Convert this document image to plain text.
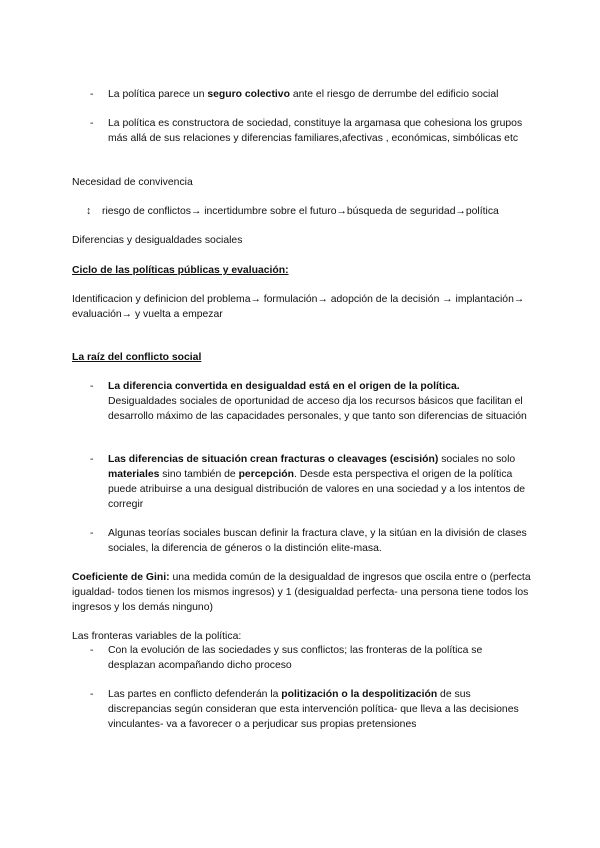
-	La política parece un seguro colectivo ante el riesgo de derrumbe del edificio social

-	La política es constructora de sociedad, constituye la argamasa que cohesiona los grupos más allá de sus relaciones y diferencias familiares,afectivas , económicas, simbólicas etc

Necesidad de convivencia

↕ riesgo de conflictos→ incertidumbre sobre el futuro→búsqueda de seguridad→política

Diferencias y desigualdades sociales

Ciclo de las políticas públicas y evaluación:

Identificacion y definicion del problema→ formulación→ adopción de la decisión → implantación→ evaluación→ y vuelta a empezar

La raíz del conflicto social

-	La diferencia convertida en desigualdad está en el origen de la política.
Desigualdades sociales de oportunidad de acceso dja los recursos básicos que facilitan el desarrollo máximo de las capacidades personales, y que tanto son diferencias de situación

-	Las diferencias de situación crean fracturas o cleavages (escisión) sociales no solo materiales sino también de percepción. Desde esta perspectiva el origen de la política puede atribuirse a una desigual distribución de valores en una sociedad y a los intentos de corregir

-	Algunas teorías sociales buscan definir la fractura clave, y la sitúan en la división de clases sociales, la diferencia de géneros o la distinción elite-masa.

Coeficiente de Gini: una medida común de la desigualdad de ingresos que oscila entre o (perfecta igualdad- todos tienen los mismos ingresos) y 1 (desigualdad perfecta- una persona tiene todos los ingresos y los demás ninguno)

Las fronteras variables de la política:

-	Con la evolución de las sociedades y sus conflictos; las fronteras de la política se desplazan acompañando dicho proceso

-	Las partes en conflicto defenderán la politización o la despolitización de sus discrepancias según consideran que esta intervención política- que lleva a las decisiones vinculantes- va a favorecer o a perjudicar sus propias pretensiones
